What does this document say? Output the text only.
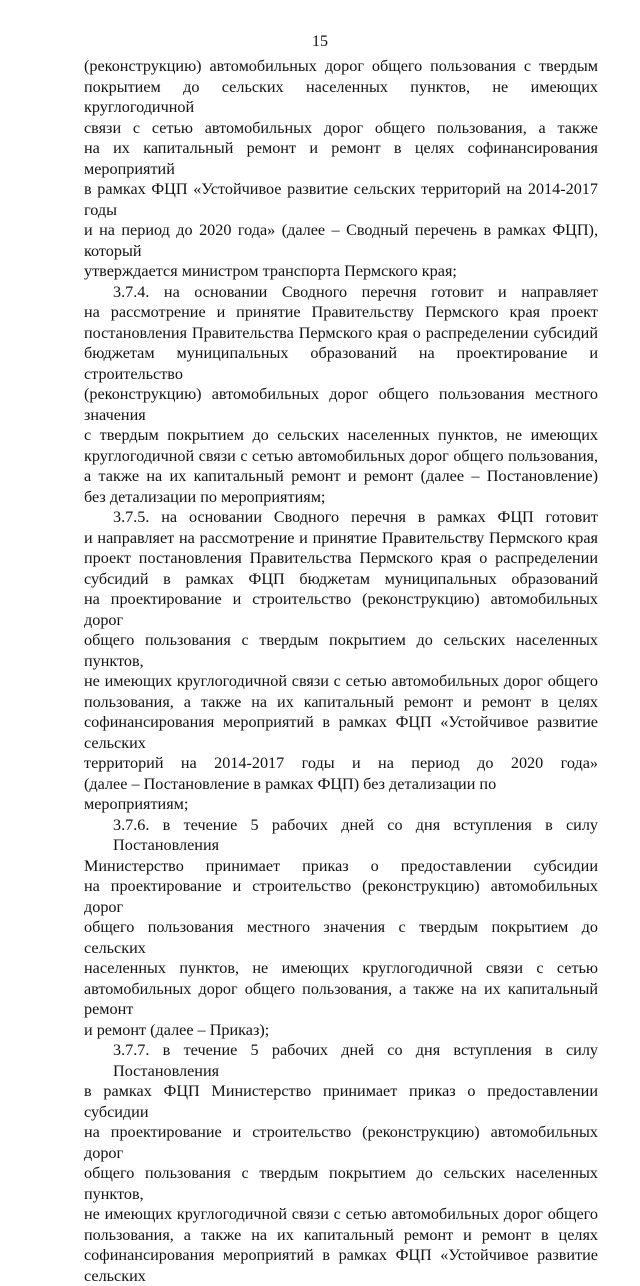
15

(реконструкцию) автомобильных дорог общего пользования с твердым
покрытием до сельских населенных пунктов, не имеющих круглогодичной
связи с сетью автомобильных дорог общего пользования, а также
на их капитальный ремонт и ремонт в целях софинансирования мероприятий
в рамках ФЦП «Устойчивое развитие сельских территорий на 2014-2017 годы
и на период до 2020 года» (далее – Сводный перечень в рамках ФЦП), который
утверждается министром транспорта Пермского края;

3.7.4. на основании Сводного перечня готовит и направляет
на рассмотрение и принятие Правительству Пермского края проект
постановления Правительства Пермского края о распределении субсидий
бюджетам муниципальных образований на проектирование и строительство
(реконструкцию) автомобильных дорог общего пользования местного значения
с твердым покрытием до сельских населенных пунктов, не имеющих
круглогодичной связи с сетью автомобильных дорог общего пользования,
а также на их капитальный ремонт и ремонт (далее – Постановление)
без детализации по мероприятиям;

3.7.5. на основании Сводного перечня в рамках ФЦП готовит
и направляет на рассмотрение и принятие Правительству Пермского края
проект постановления Правительства Пермского края о распределении
субсидий в рамках ФЦП бюджетам муниципальных образований
на проектирование и строительство (реконструкцию) автомобильных дорог
общего пользования с твердым покрытием до сельских населенных пунктов,
не имеющих круглогодичной связи с сетью автомобильных дорог общего
пользования, а также на их капитальный ремонт и ремонт в целях
софинансирования мероприятий в рамках ФЦП «Устойчивое развитие сельских
территорий на 2014-2017 годы и на период до 2020 года»
(далее – Постановление в рамках ФЦП) без детализации по мероприятиям;

3.7.6. в течение 5 рабочих дней со дня вступления в силу Постановления
Министерство принимает приказ о предоставлении субсидии
на проектирование и строительство (реконструкцию) автомобильных дорог
общего пользования местного значения с твердым покрытием до сельских
населенных пунктов, не имеющих круглогодичной связи с сетью
автомобильных дорог общего пользования, а также на их капитальный ремонт
и ремонт (далее – Приказ);

3.7.7. в течение 5 рабочих дней со дня вступления в силу Постановления
в рамках ФЦП Министерство принимает приказ о предоставлении субсидии
на проектирование и строительство (реконструкцию) автомобильных дорог
общего пользования с твердым покрытием до сельских населенных пунктов,
не имеющих круглогодичной связи с сетью автомобильных дорог общего
пользования, а также на их капитальный ремонт и ремонт в целях
софинансирования мероприятий в рамках ФЦП «Устойчивое развитие сельских
